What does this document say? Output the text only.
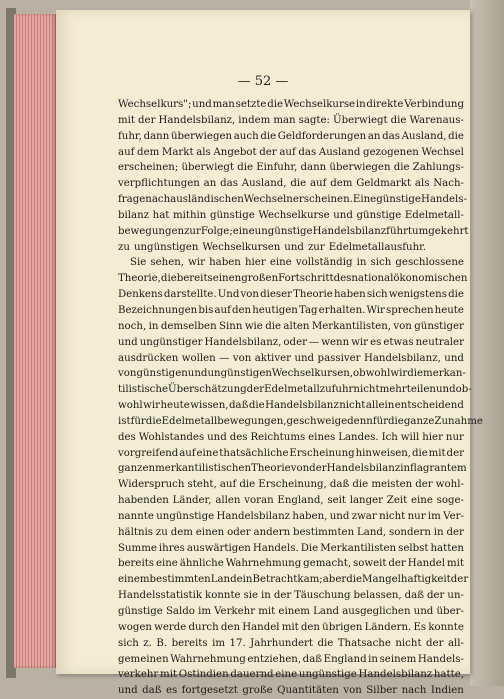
— 52 —
Wechselkurs"; und man setzte die Wechselkurse in direkte Verbindung
mit der Handelsbilanz, indem man sagte: Überwiegt die Warenaus-
fuhr, dann überwiegen auch die Geldforderungen an das Ausland, die
auf dem Markt als Angebot der auf das Ausland gezogenen Wechsel
erscheinen; überwiegt die Einfuhr, dann überwiegen die Zahlungs-
verpflichtungen an das Ausland, die auf dem Geldmarkt als Nach-
frage nach ausländischen Wechseln erscheinen. Eine günstige Handels-
bilanz hat mithin günstige Wechselkurse und günstige Edelmetall-
bewegungen zur Folge; eine ungünstige Handelsbilanz führt umgekehrt
zu ungünstigen Wechselkursen und zur Edelmetallausfuhr.
Sie sehen, wir haben hier eine vollständig in sich geschlossene
Theorie, die bereits einen großen Fortschritt des nationalökonomischen
Denkens darstellte. Und von dieser Theorie haben sich wenigstens die
Bezeichnungen bis auf den heutigen Tag erhalten. Wir sprechen heute
noch, in demselben Sinn wie die alten Merkantilisten, von günstiger
und ungünstiger Handelsbilanz, oder — wenn wir es etwas neutraler
ausdrücken wollen — von aktiver und passiver Handelsbilanz, und
von günstigen und ungünstigen Wechselkursen, obwohl wir die merkan-
tilistische Überschätzung der Edelmetallzufuhr nicht mehr teilen und ob-
wohl wir heute wissen, daß die Handelsbilanz nicht allein entscheidend
ist für die Edelmetallbewegungen, geschweige denn für die ganze Zunahme
des Wohlstandes und des Reichtums eines Landes. Ich will hier nur
vorgreifend auf eine thatsächliche Erscheinung hinweisen, die mit der
ganzen merkantilistischen Theorie von der Handelsbilanz in flagrantem
Widerspruch steht, auf die Erscheinung, daß die meisten der wohl-
habenden Länder, allen voran England, seit langer Zeit eine soge-
nannte ungünstige Handelsbilanz haben, und zwar nicht nur im Ver-
hältnis zu dem einen oder andern bestimmten Land, sondern in der
Summe ihres auswärtigen Handels. Die Merkantilisten selbst hatten
bereits eine ähnliche Wahrnehmung gemacht, soweit der Handel mit
einem bestimmten Lande in Betracht kam; aber die Mangelhaftigkeit der
Handelsstatistik konnte sie in der Täuschung belassen, daß der un-
günstige Saldo im Verkehr mit einem Land ausgeglichen und über-
wogen werde durch den Handel mit den übrigen Ländern. Es konnte
sich z. B. bereits im 17. Jahrhundert die Thatsache nicht der all-
gemeinen Wahrnehmung entziehen, daß England in seinem Handels-
verkehr mit Ostindien dauernd eine ungünstige Handelsbilanz hatte,
und daß es fortgesetzt große Quantitäten von Silber nach Indien
